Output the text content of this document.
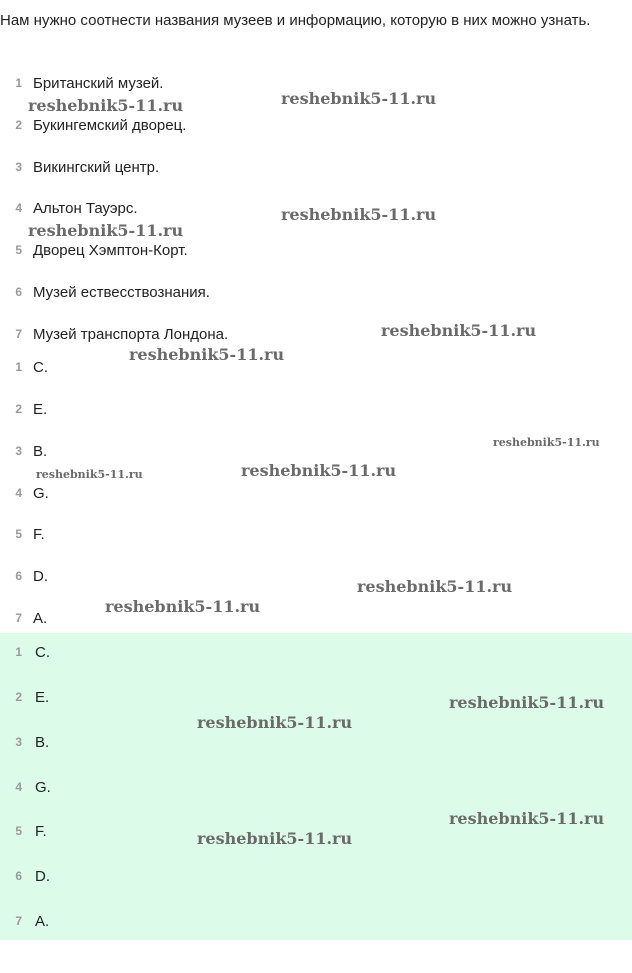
Нам нужно соотнести названия музеев и информацию, которую в них можно узнать.

1 Британский музей.
2 Букингемский дворец.
3 Викингский центр.
4 Альтон Тауэрс.
5 Дворец Хэмптон-Корт.
6 Музей ествесствознания.
7 Музей транспорта Лондона.
1 C.
2 E.
3 B.
4 G.
5 F.
6 D.
7 A.
1 C.
2 E.
3 B.
4 G.
5 F.
6 D.
7 A.
reshebnik5-11.ru	reshebnik5-11.ru
reshebnik5-11.ru
reshebnik5-11.ru
reshebnik5-11.ru
reshebnik5-11.ru
reshebnik5-11.ru
reshebnik5-11.ru	reshebnik5-11.ru
reshebnik5-11.ru
reshebnik5-11.ru
reshebnik5-11.ru
reshebnik5-11.ru
reshebnik5-11.ru
reshebnik5-11.ru
